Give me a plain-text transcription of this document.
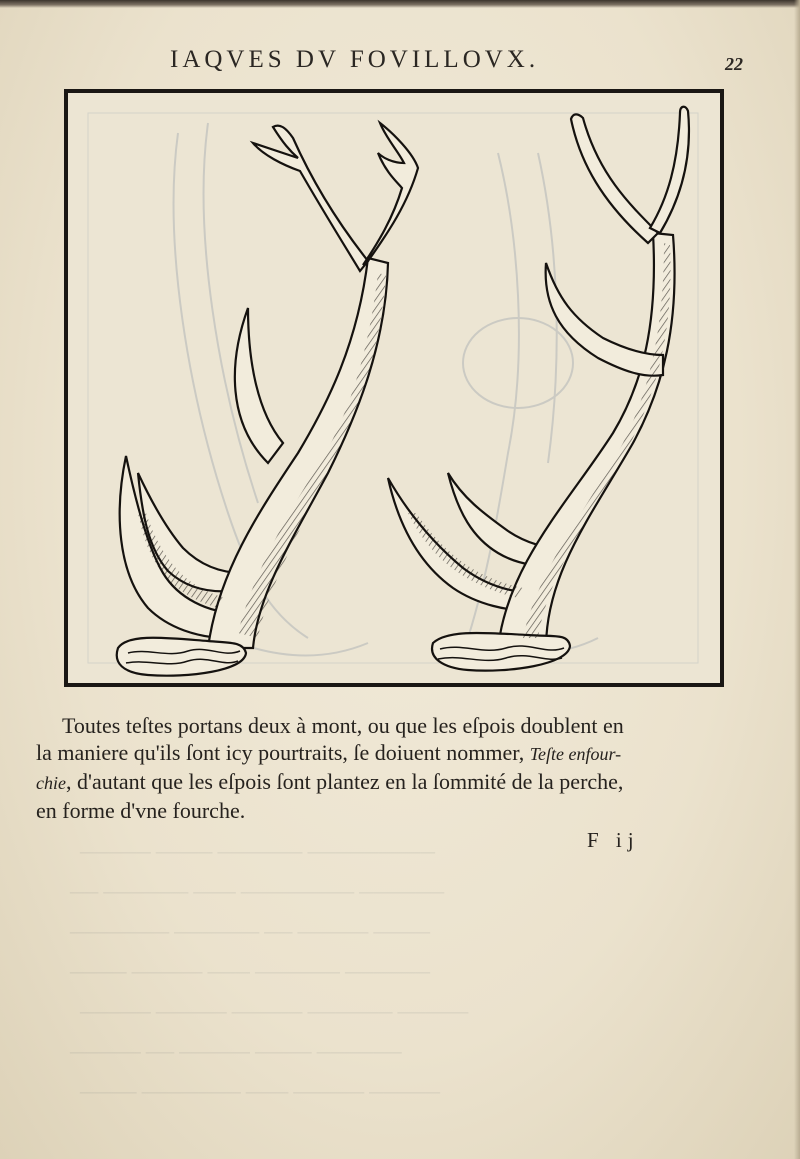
───────── ────── ──── ─────
────── ──────── ─── ────── ──
──── ───── ── ────── ───────
────── ────── ─── ───── ────
───── ────── ───── ───── ─────
────── ──── ───── ── ─────
───── ───── ─── ─────── ────
IAQVES DV FOVILLOVX.	22
Toutes teſtes portans deux à mont, ou que les eſpois doublent en
la maniere qu'ils ſont icy pourtraits, ſe doiuent nommer, Teſte enfour-
chie, d'autant que les eſpois ſont plantez en la ſommité de la perche,
en forme d'vne fourche.
F ij
